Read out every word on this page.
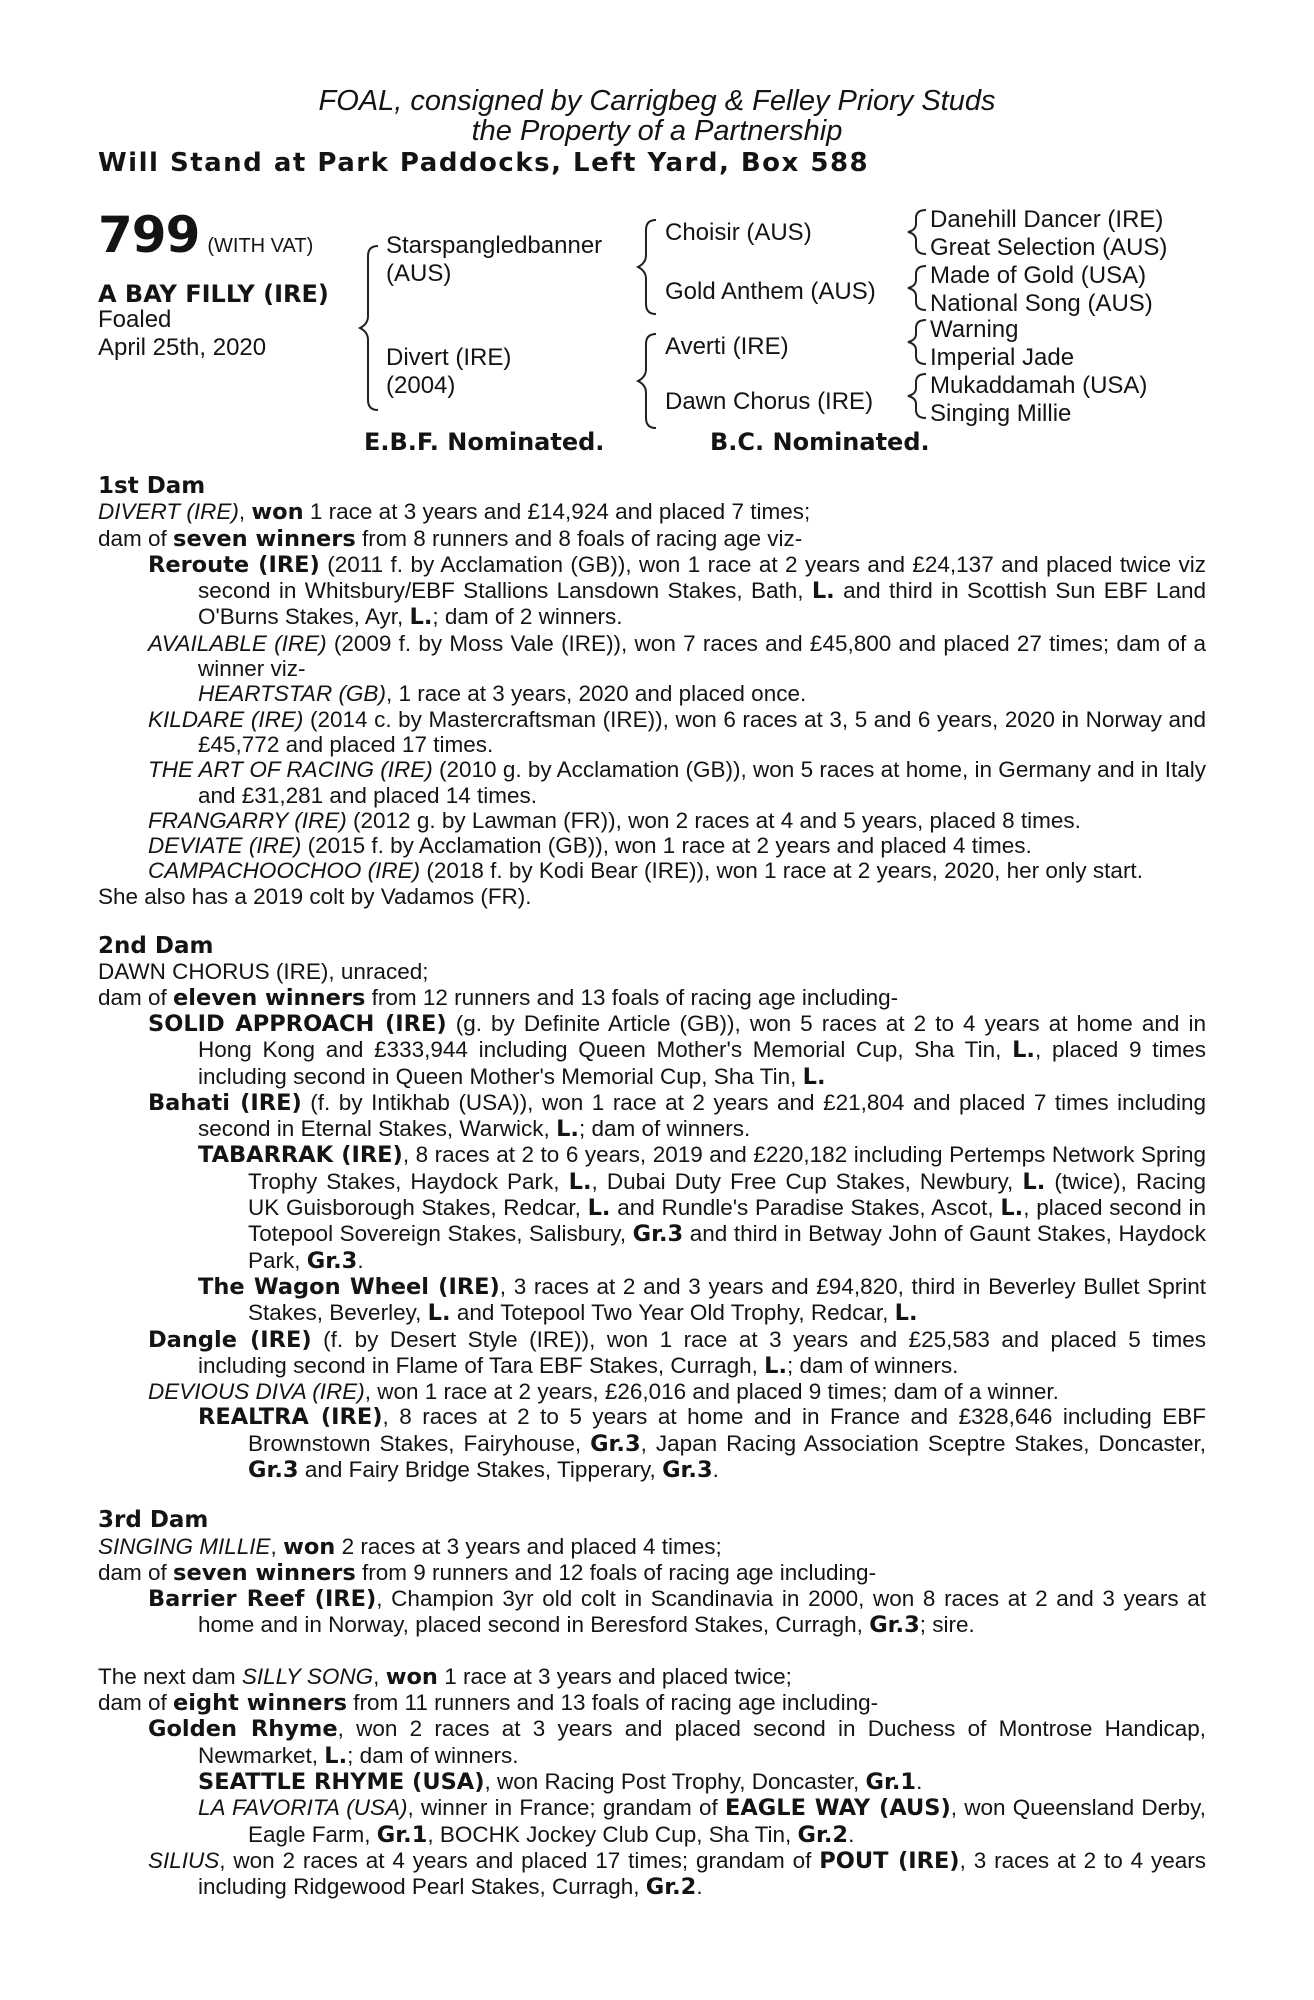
FOAL, consigned by Carrigbeg & Felley Priory Studs
the Property of a Partnership
Will Stand at Park Paddocks, Left Yard, Box 588
799 (WITH VAT)
A BAY FILLY (IRE)
Foaled
April 25th, 2020
Starspangledbanner
(AUS)
Divert (IRE)
(2004)
Choisir (AUS)
Gold Anthem (AUS)
Averti (IRE)
Dawn Chorus (IRE)
Danehill Dancer (IRE)
Great Selection (AUS)
Made of Gold (USA)
National Song (AUS)
Warning
Imperial Jade
Mukaddamah (USA)
Singing Millie
E.B.F. Nominated.	B.C. Nominated.

1st Dam

DIVERT (IRE), won 1 race at 3 years and £14,924 and placed 7 times;

dam of seven winners from 8 runners and 8 foals of racing age viz-

Reroute (IRE) (2011 f. by Acclamation (GB)), won 1 race at 2 years and £24,137 and placed twice viz second in Whitsbury/EBF Stallions Lansdown Stakes, Bath, L. and third in Scottish Sun EBF Land O'Burns Stakes, Ayr, L.; dam of 2 winners.

AVAILABLE (IRE) (2009 f. by Moss Vale (IRE)), won 7 races and £45,800 and placed 27 times; dam of a winner viz-

HEARTSTAR (GB), 1 race at 3 years, 2020 and placed once.

KILDARE (IRE) (2014 c. by Mastercraftsman (IRE)), won 6 races at 3, 5 and 6 years, 2020 in Norway and £45,772 and placed 17 times.

THE ART OF RACING (IRE) (2010 g. by Acclamation (GB)), won 5 races at home, in Germany and in Italy and £31,281 and placed 14 times.

FRANGARRY (IRE) (2012 g. by Lawman (FR)), won 2 races at 4 and 5 years, placed 8 times.

DEVIATE (IRE) (2015 f. by Acclamation (GB)), won 1 race at 2 years and placed 4 times.

CAMPACHOOCHOO (IRE) (2018 f. by Kodi Bear (IRE)), won 1 race at 2 years, 2020, her only start.

She also has a 2019 colt by Vadamos (FR).

2nd Dam

DAWN CHORUS (IRE), unraced;

dam of eleven winners from 12 runners and 13 foals of racing age including-

SOLID APPROACH (IRE) (g. by Definite Article (GB)), won 5 races at 2 to 4 years at home and in Hong Kong and £333,944 including Queen Mother's Memorial Cup, Sha Tin, L., placed 9 times including second in Queen Mother's Memorial Cup, Sha Tin, L.

Bahati (IRE) (f. by Intikhab (USA)), won 1 race at 2 years and £21,804 and placed 7 times including second in Eternal Stakes, Warwick, L.; dam of winners.

TABARRAK (IRE), 8 races at 2 to 6 years, 2019 and £220,182 including Pertemps Network Spring Trophy Stakes, Haydock Park, L., Dubai Duty Free Cup Stakes, Newbury, L. (twice), Racing UK Guisborough Stakes, Redcar, L. and Rundle's Paradise Stakes, Ascot, L., placed second in Totepool Sovereign Stakes, Salisbury, Gr.3 and third in Betway John of Gaunt Stakes, Haydock Park, Gr.3.

The Wagon Wheel (IRE), 3 races at 2 and 3 years and £94,820, third in Beverley Bullet Sprint Stakes, Beverley, L. and Totepool Two Year Old Trophy, Redcar, L.

Dangle (IRE) (f. by Desert Style (IRE)), won 1 race at 3 years and £25,583 and placed 5 times including second in Flame of Tara EBF Stakes, Curragh, L.; dam of winners.

DEVIOUS DIVA (IRE), won 1 race at 2 years, £26,016 and placed 9 times; dam of a winner.

REALTRA (IRE), 8 races at 2 to 5 years at home and in France and £328,646 including EBF Brownstown Stakes, Fairyhouse, Gr.3, Japan Racing Association Sceptre Stakes, Doncaster, Gr.3 and Fairy Bridge Stakes, Tipperary, Gr.3.

3rd Dam

SINGING MILLIE, won 2 races at 3 years and placed 4 times;

dam of seven winners from 9 runners and 12 foals of racing age including-

Barrier Reef (IRE), Champion 3yr old colt in Scandinavia in 2000, won 8 races at 2 and 3 years at home and in Norway, placed second in Beresford Stakes, Curragh, Gr.3; sire.

The next dam SILLY SONG, won 1 race at 3 years and placed twice;

dam of eight winners from 11 runners and 13 foals of racing age including-

Golden Rhyme, won 2 races at 3 years and placed second in Duchess of Montrose Handicap, Newmarket, L.; dam of winners.

SEATTLE RHYME (USA), won Racing Post Trophy, Doncaster, Gr.1.

LA FAVORITA (USA), winner in France; grandam of EAGLE WAY (AUS), won Queensland Derby, Eagle Farm, Gr.1, BOCHK Jockey Club Cup, Sha Tin, Gr.2.

SILIUS, won 2 races at 4 years and placed 17 times; grandam of POUT (IRE), 3 races at 2 to 4 years including Ridgewood Pearl Stakes, Curragh, Gr.2.
